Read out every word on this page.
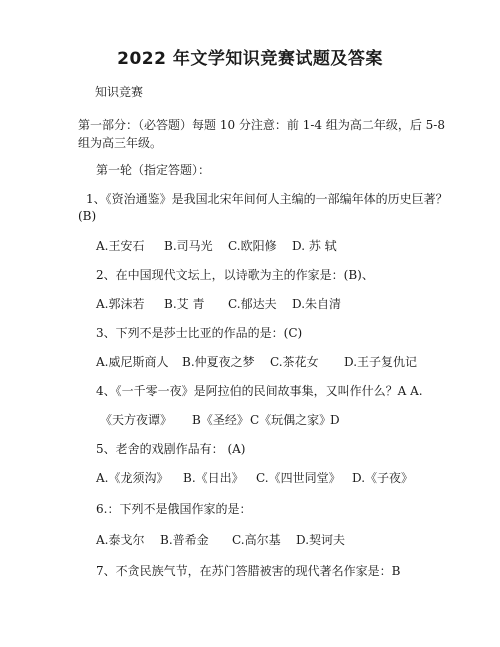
2022 年文学知识竞赛试题及答案
知识竞赛
第一部分：（必答题）每题 10 分注意：前 1-4 组为高二年级，后 5-8
组为高三年级。
第一轮（指定答题）：
1、《资治通鉴》是我国北宋年间何人主编的一部编年体的历史巨著？
(B)
A.王安石 B.司马光 C.欧阳修 D. 苏 轼
2、在中国现代文坛上，以诗歌为主的作家是：(B)、
A.郭沫若 B.艾 青 C.郁达夫 D.朱自清
3、下列不是莎士比亚的作品的是：(C)
A.威尼斯商人 B.仲夏夜之梦 C.茶花女 D.王子复仇记
4、《一千零一夜》是阿拉伯的民间故事集，又叫作什么？A A.
《天方夜谭》 B《圣经》 C《玩偶之家》
D
5、老舍的戏剧作品有： (A)
A.《龙须沟》 B.《日出》 C.《四世同堂》 D.《子夜》
6.：下列不是俄国作家的是：
A.泰戈尔 B.普希金 C.高尔基 D.契诃夫
7、不贪民族气节，在苏门答腊被害的现代著名作家是：B
